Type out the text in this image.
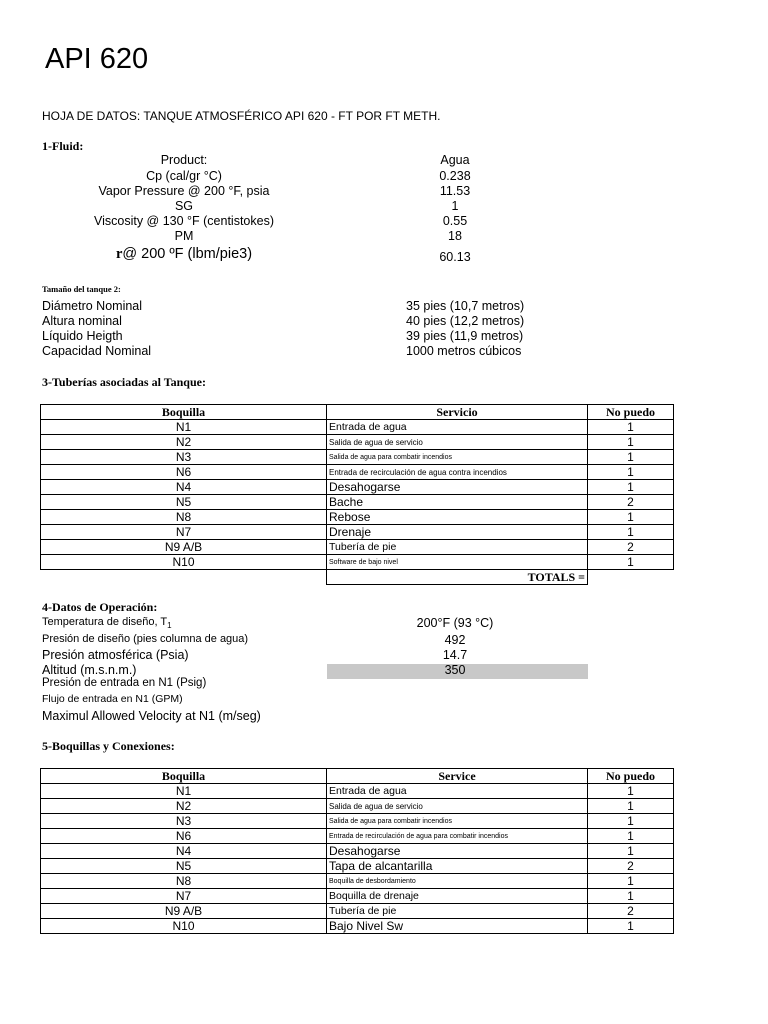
API 620
HOJA DE DATOS: TANQUE ATMOSFÉRICO API 620 - FT POR FT METH.
1-Fluid:
Product:	Agua
Cp (cal/gr °C)	0.238
Vapor Pressure @ 200 °F, psia	11.53
SG	1
Viscosity @ 130 °F (centistokes)	0.55
PM	18
r@ 200 ºF (lbm/pie3)	60.13
Tamaño del tanque 2:
Diámetro Nominal	35 pies (10,7 metros)
Altura nominal	40 pies (12,2 metros)
Líquido Heigth	39 pies (11,9 metros)
Capacidad Nominal	1000 metros cúbicos
3-Tuberías asociadas al Tanque:
Boquilla	Servicio	No puedo
N1	Entrada de agua	1
N2	Salida de agua de servicio	1
N3	Salida de agua para combatir incendios	1
N6	Entrada de recirculación de agua contra incendios	1
N4	Desahogarse	1
N5	Bache	2
N8	Rebose	1
N7	Drenaje	1
N9 A/B	Tubería de pie	2
N10	Software de bajo nivel	1
	TOTALS =	
4-Datos de Operación:
Temperatura de diseño, $T_1$	200°F (93 °C)
Presión de diseño (pies columna de agua)	492
Presión atmosférica (Psia)	14.7
Altitud (m.s.n.m.)	350
Presión de entrada en N1 (Psig)
Flujo de entrada en N1 (GPM)
Maximul Allowed Velocity at N1 (m/seg)
5-Boquillas y Conexiones:
Boquilla	Service	No puedo
N1	Entrada de agua	1
N2	Salida de agua de servicio	1
N3	Salida de agua para combatir incendios	1
N6	Entrada de recirculación de agua para combatir incendios	1
N4	Desahogarse	1
N5	Tapa de alcantarilla	2
N8	Boquilla de desbordamiento	1
N7	Boquilla de drenaje	1
N9 A/B	Tubería de pie	2
N10	Bajo Nivel Sw	1
